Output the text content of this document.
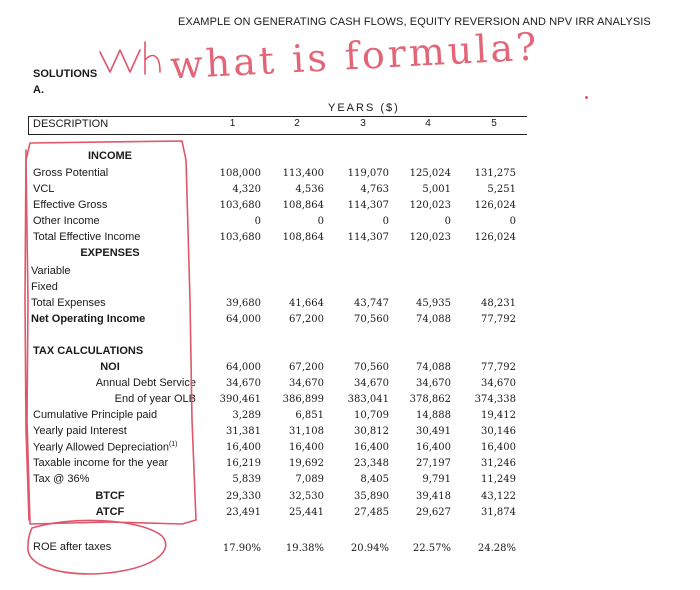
EXAMPLE ON GENERATING CASH FLOWS, EQUITY REVERSION AND NPV IRR ANALYSIS
SOLUTIONS
A.
YEARS ($)
DESCRIPTION	1	2	3	4	5
INCOME
Gross Potential	108,000	113,400	119,070	125,024	131,275
VCL	4,320	4,536	4,763	5,001	5,251
Effective Gross	103,680	108,864	114,307	120,023	126,024
Other Income	0	0	0	0	0
Total Effective Income	103,680	108,864	114,307	120,023	126,024
EXPENSES
Variable
Fixed
Total Expenses	39,680	41,664	43,747	45,935	48,231
Net Operating Income	64,000	67,200	70,560	74,088	77,792
TAX CALCULATIONS
NOI	64,000	67,200	70,560	74,088	77,792
Annual Debt Service	34,670	34,670	34,670	34,670	34,670
End of year OLB	390,461	386,899	383,041	378,862	374,338
Cumulative Principle paid	3,289	6,851	10,709	14,888	19,412
Yearly paid Interest	31,381	31,108	30,812	30,491	30,146
Yearly Allowed Depreciation$^{(1)}$	16,400	16,400	16,400	16,400	16,400
Taxable income for the year	16,219	19,692	23,348	27,197	31,246
Tax @ 36%	5,839	7,089	8,405	9,791	11,249
BTCF	29,330	32,530	35,890	39,418	43,122
ATCF	23,491	25,441	27,485	29,627	31,874
ROE after taxes	17.90%	19.38%	20.94%	22.57%	24.28%
what is formula?
